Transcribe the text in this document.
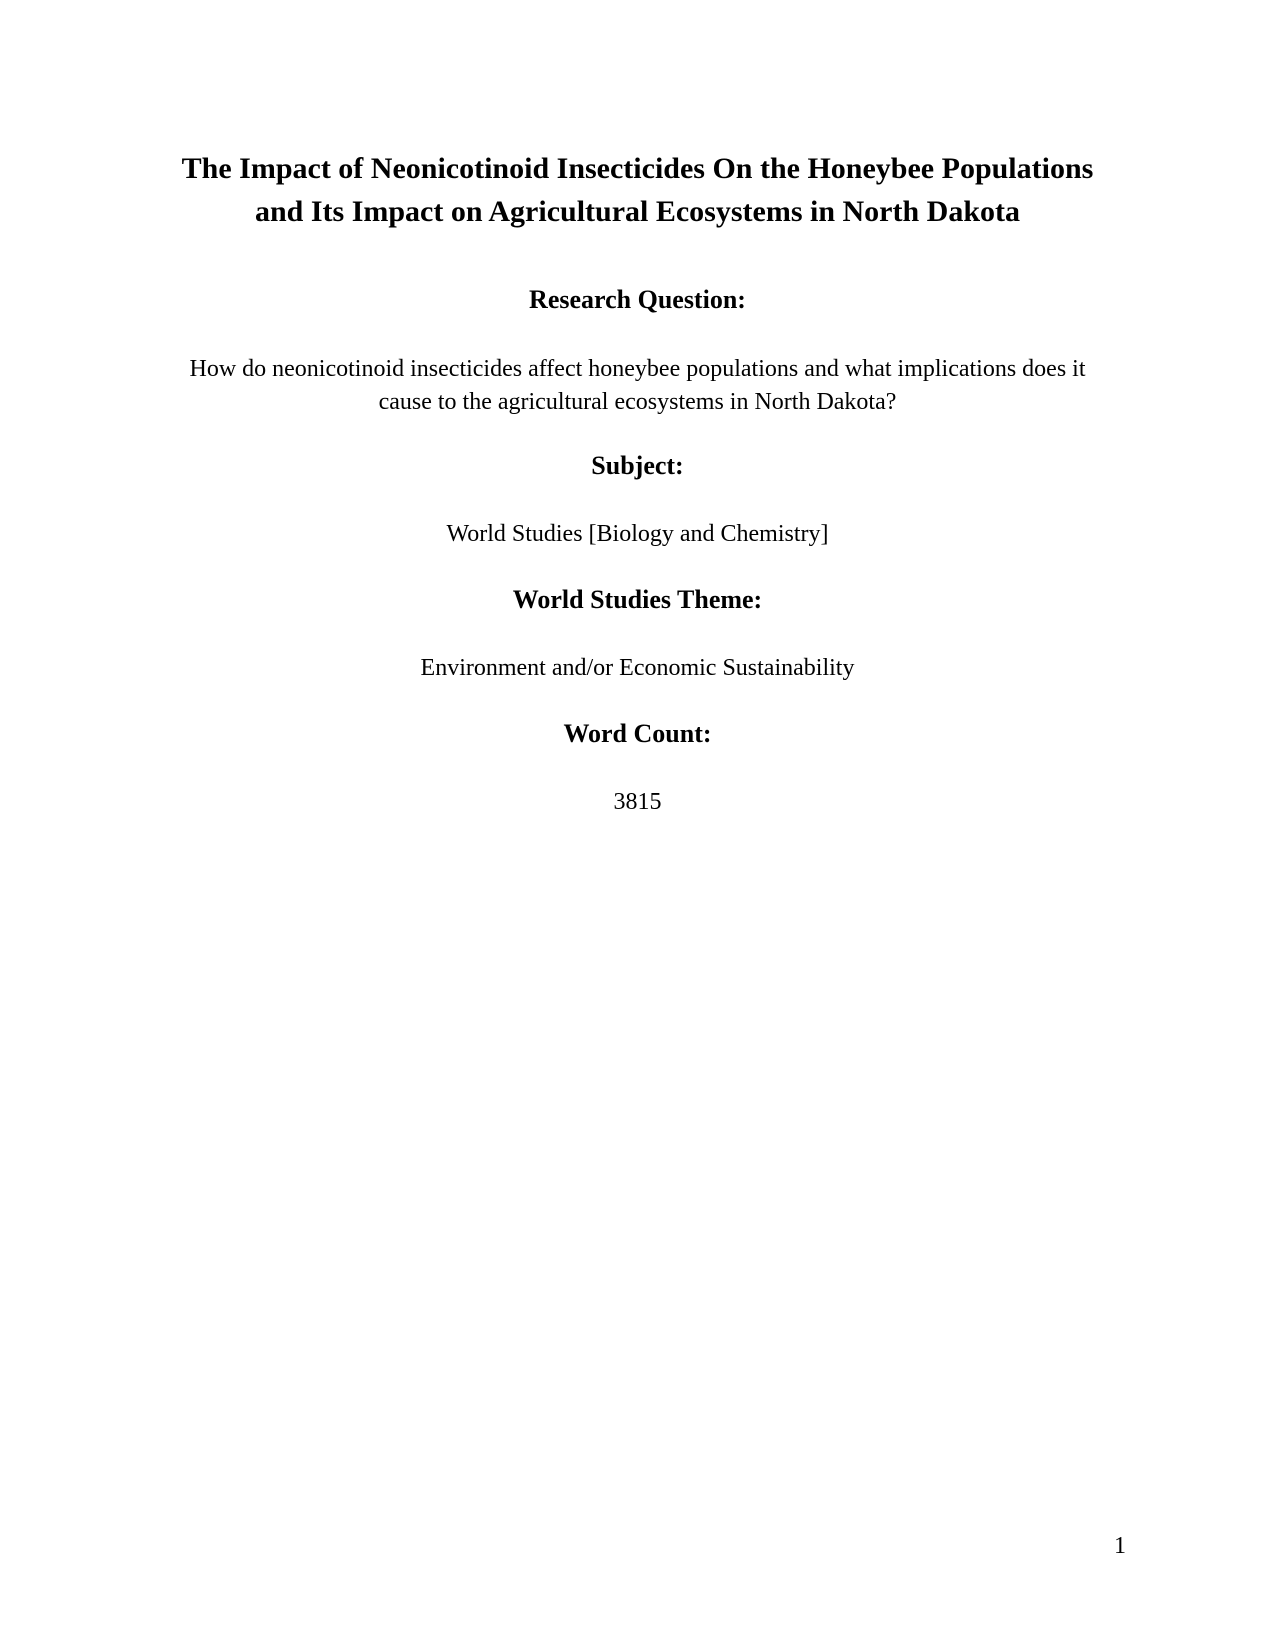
The Impact of Neonicotinoid Insecticides On the Honeybee Populations
and Its Impact on Agricultural Ecosystems in North Dakota
Research Question:

How do neonicotinoid insecticides affect honeybee populations and what implications does it
cause to the agricultural ecosystems in North Dakota?

Subject:

World Studies [Biology and Chemistry]

World Studies Theme:

Environment and/or Economic Sustainability

Word Count:

3815

1
